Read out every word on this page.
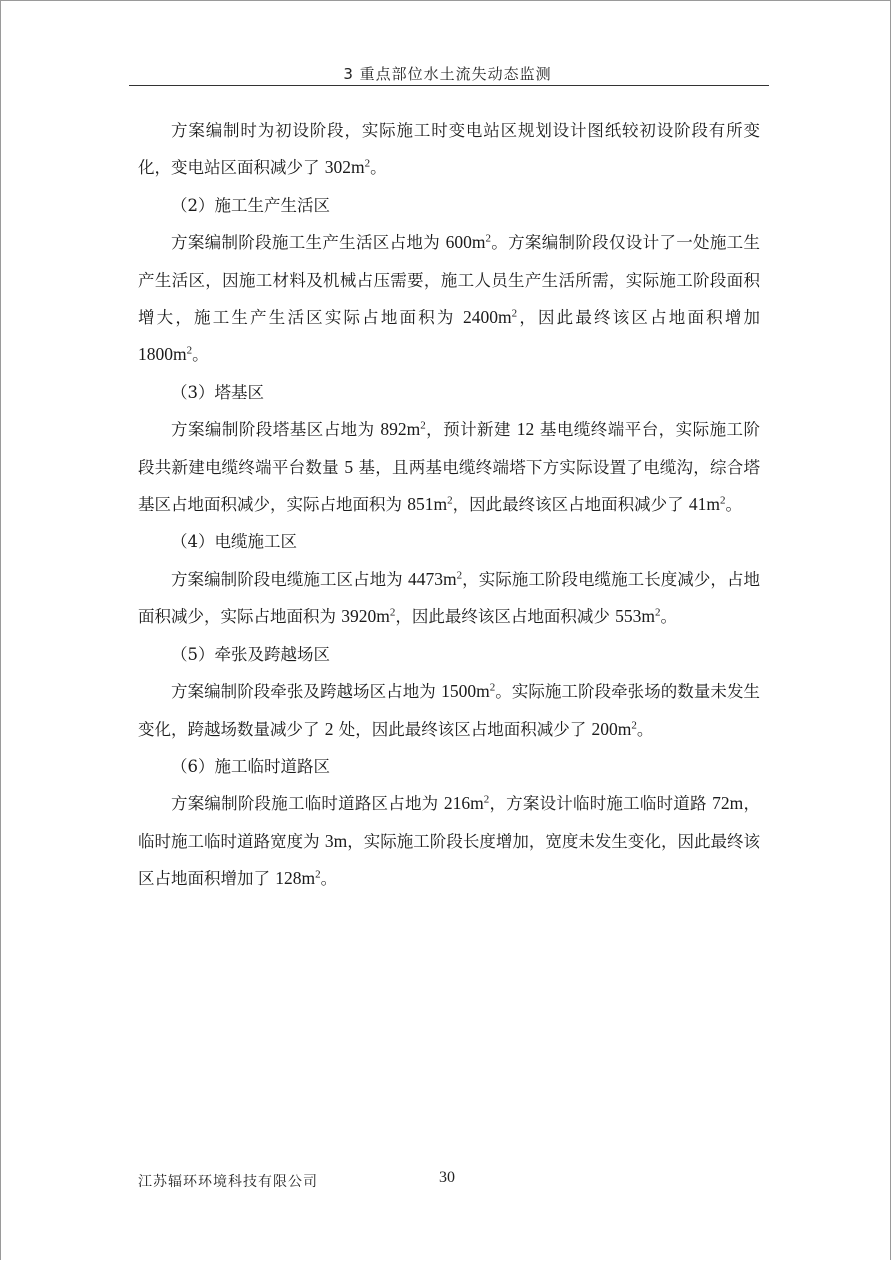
3 重点部位水土流失动态监测

方案编制时为初设阶段，实际施工时变电站区规划设计图纸较初设阶段有所变化，变电站区面积减少了 $302m^2$。

（2）施工生产生活区

方案编制阶段施工生产生活区占地为 $600m^2$。方案编制阶段仅设计了一处施工生产生活区，因施工材料及机械占压需要，施工人员生产生活所需，实际施工阶段面积增大，施工生产生活区实际占地面积为 $2400m^2$，因此最终该区占地面积增加 $1800m^2$。

（3）塔基区

方案编制阶段塔基区占地为 $892m^2$，预计新建 12 基电缆终端平台，实际施工阶段共新建电缆终端平台数量 5 基，且两基电缆终端塔下方实际设置了电缆沟，综合塔基区占地面积减少，实际占地面积为 $851m^2$，因此最终该区占地面积减少了 $41m^2$。

（4）电缆施工区

方案编制阶段电缆施工区占地为 $4473m^2$，实际施工阶段电缆施工长度减少，占地面积减少，实际占地面积为 $3920m^2$，因此最终该区占地面积减少 $553m^2$。

（5）牵张及跨越场区

方案编制阶段牵张及跨越场区占地为 $1500m^2$。实际施工阶段牵张场的数量未发生变化，跨越场数量减少了 2 处，因此最终该区占地面积减少了 $200m^2$。

（6）施工临时道路区

方案编制阶段施工临时道路区占地为 $216m^2$，方案设计临时施工临时道路 72m，临时施工临时道路宽度为 3m，实际施工阶段长度增加，宽度未发生变化，因此最终该区占地面积增加了 $128m^2$。

江苏辐环环境科技有限公司	30
